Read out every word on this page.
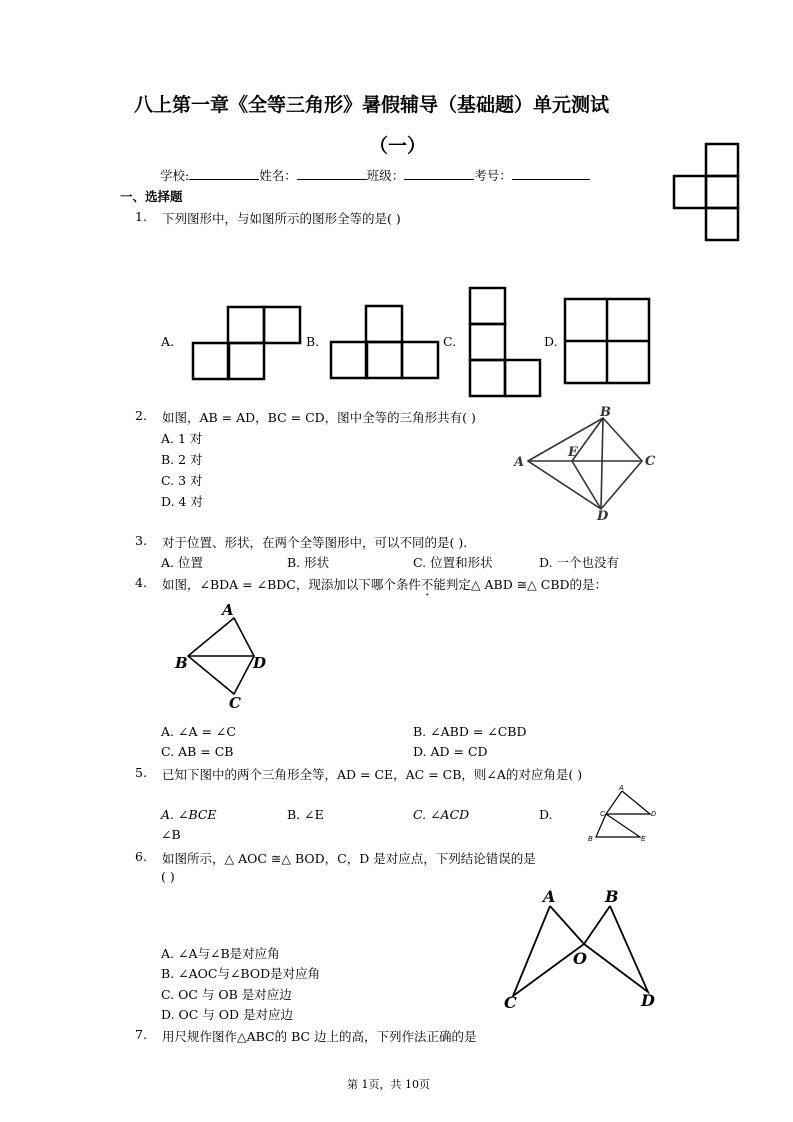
八上第一章《全等三角形》暑假辅导（基础题）单元测试
（一）
学校:	姓名：	班级：	考号：
一、选择题
1. 下列图形中，与如图所示的图形全等的是( )
A.	B.	C.	D.
2. 如图，AB = AD，BC = CD，图中全等的三角形共有( )
A. 1 对
B. 2 对
C. 3 对
D. 4 对
A
B
C
D
E
3. 对于位置、形状，在两个全等图形中，可以不同的是( ).
A. 位置	B. 形状	C. 位置和形状	D. 一个也没有
4. 如图，∠BDA = ∠BDC，现添加以下哪个条件不能判定△ ABD ≅△ CBD的是：
A
B
C
D
A. ∠A = ∠C	B. ∠ABD = ∠CBD
C. AB = CB	D. AD = CD
5. 已知下图中的两个三角形全等，AD = CE，AC = CB，则∠A的对应角是( )
A. ∠BCE	B. ∠E	C. ∠ACD	D.
∠B
A
C	D
B	E
6. 如图所示，△ AOC ≅△ BOD，C，D 是对应点，下列结论错误的是
( )
A. ∠A与∠B是对应角
B. ∠AOC与∠BOD是对应角
C. OC 与 OB 是对应边
D. OC 与 OD 是对应边
A	B
C	D
O
7. 用尺规作图作△ABC的 BC 边上的高，下列作法正确的是
第 1页，共 10页
